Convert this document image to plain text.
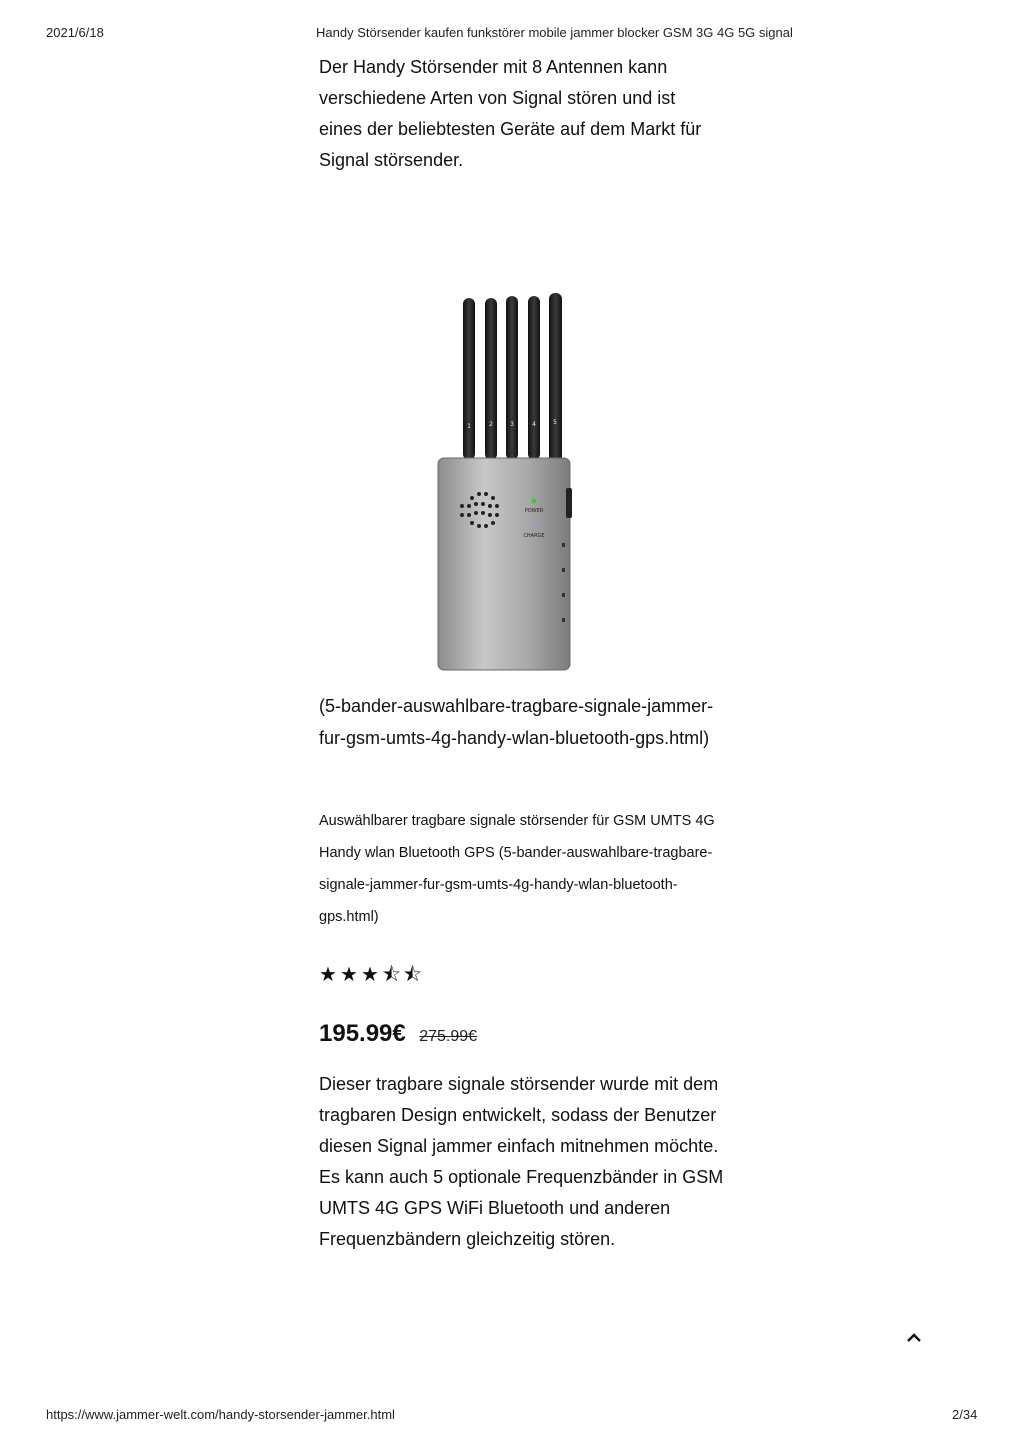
2021/6/18	Handy Störsender kaufen funkstörer mobile jammer blocker GSM 3G 4G 5G signal
Der Handy Störsender mit 8 Antennen kann verschiedene Arten von Signal stören und ist eines der beliebtesten Geräte auf dem Markt für Signal störsender.
1	2	3	4	5
POWER
CHARGE
(5-bander-auswahlbare-tragbare-signale-jammer-fur-gsm-umts-4g-handy-wlan-bluetooth-gps.html)
Auswählbarer tragbare signale störsender für GSM UMTS 4G Handy wlan Bluetooth GPS (5-bander-auswahlbare-tragbare-signale-jammer-fur-gsm-umts-4g-handy-wlan-bluetooth-gps.html)
★ ★ ★ ⯪⯪
195.99€ 275.99€
Dieser tragbare signale störsender wurde mit dem tragbaren Design entwickelt, sodass der Benutzer diesen Signal jammer einfach mitnehmen möchte. Es kann auch 5 optionale Frequenzbänder in GSM UMTS 4G GPS WiFi Bluetooth und anderen Frequenzbändern gleichzeitig stören.
https://www.jammer-welt.com/handy-storsender-jammer.html	2/34
